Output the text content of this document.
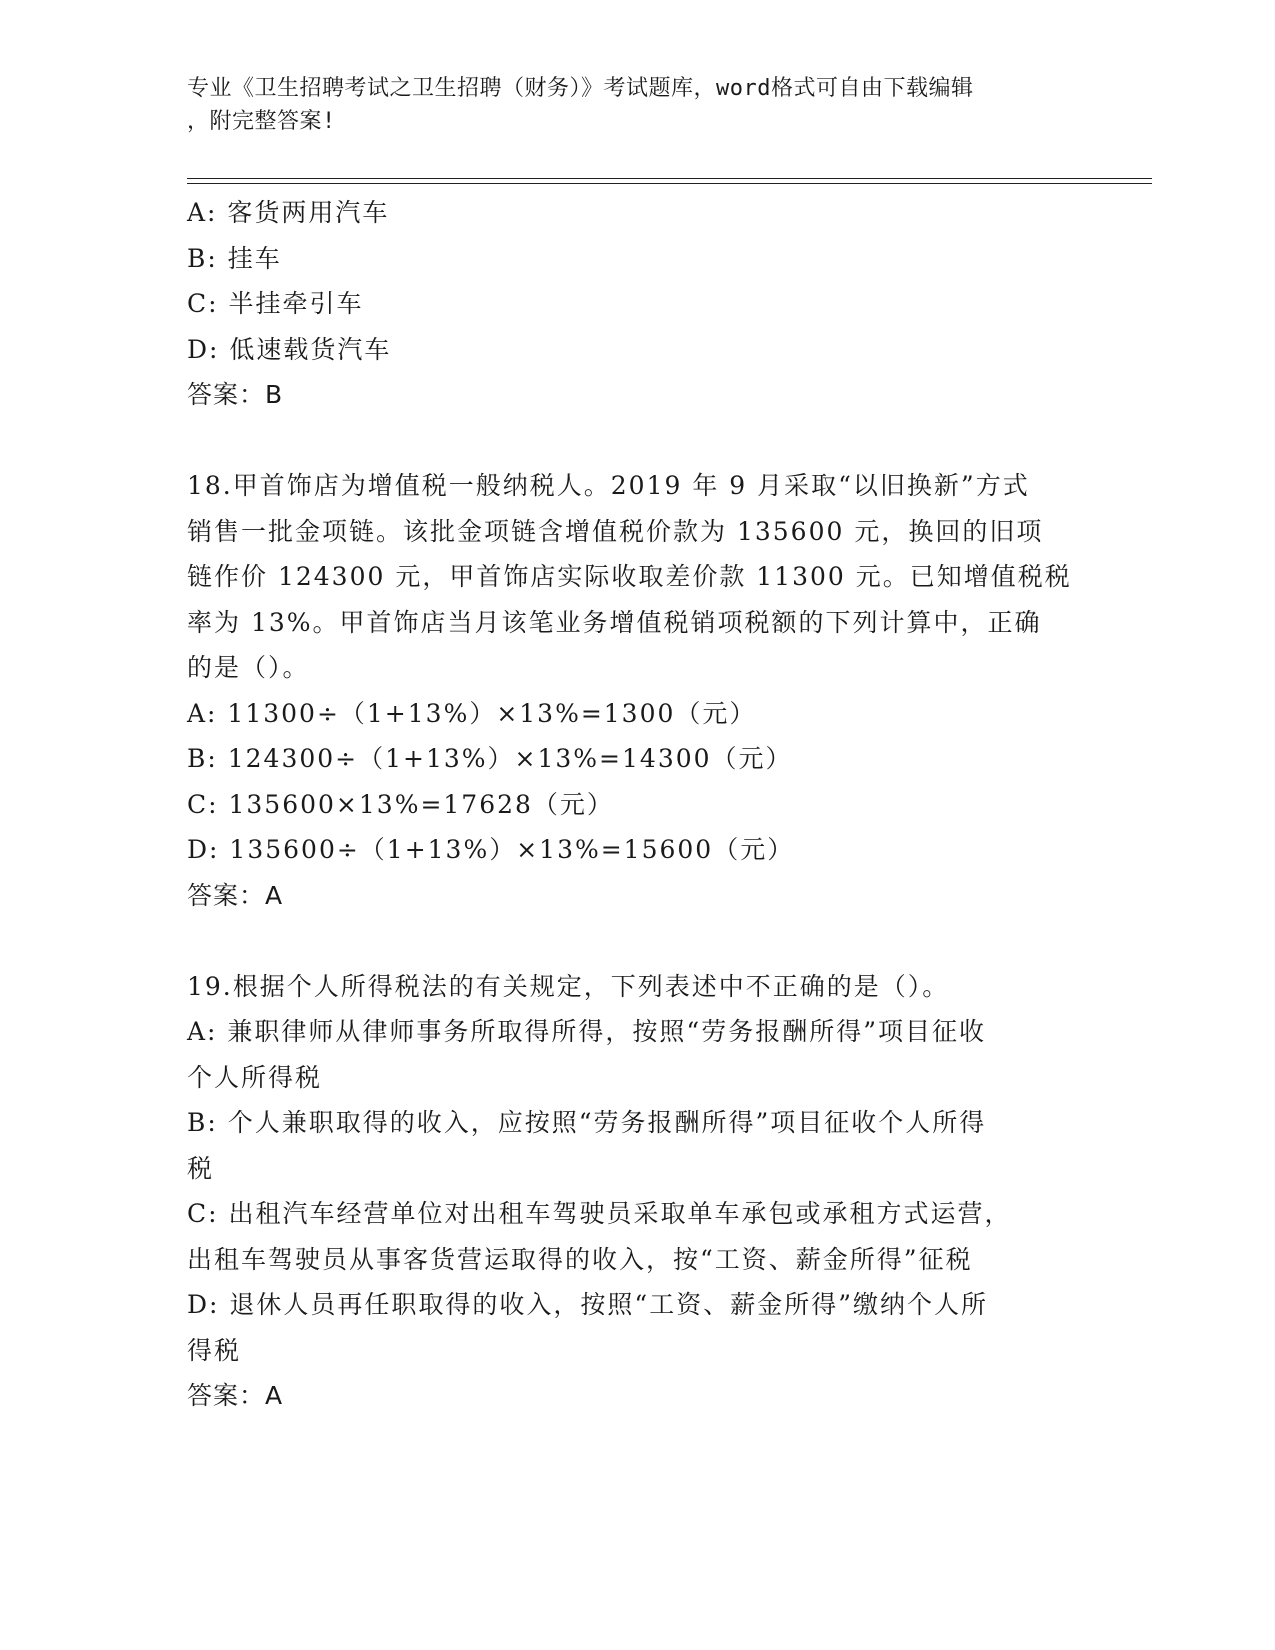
专业《卫生招聘考试之卫生招聘（财务）》考试题库，word格式可自由下载编辑
，附完整答案!
A: 客货两用汽车
B: 挂车
C: 半挂牵引车
D: 低速载货汽车
答案：B
18.甲首饰店为增值税一般纳税人。2019 年 9 月采取“以旧换新”方式
销售一批金项链。该批金项链含增值税价款为 135600 元，换回的旧项
链作价 124300 元，甲首饰店实际收取差价款 11300 元。已知增值税税
率为 13%。甲首饰店当月该笔业务增值税销项税额的下列计算中，正确
的是（）。
A: 11300÷（1+13%）×13%=1300（元）
B: 124300÷（1+13%）×13%=14300（元）
C: 135600×13%=17628（元）
D: 135600÷（1+13%）×13%=15600（元）
答案：A
19.根据个人所得税法的有关规定，下列表述中不正确的是（）。
A: 兼职律师从律师事务所取得所得，按照“劳务报酬所得”项目征收
个人所得税
B: 个人兼职取得的收入，应按照“劳务报酬所得”项目征收个人所得
税
C: 出租汽车经营单位对出租车驾驶员采取单车承包或承租方式运营，
出租车驾驶员从事客货营运取得的收入，按“工资、薪金所得”征税
D: 退休人员再任职取得的收入，按照“工资、薪金所得”缴纳个人所
得税
答案：A
